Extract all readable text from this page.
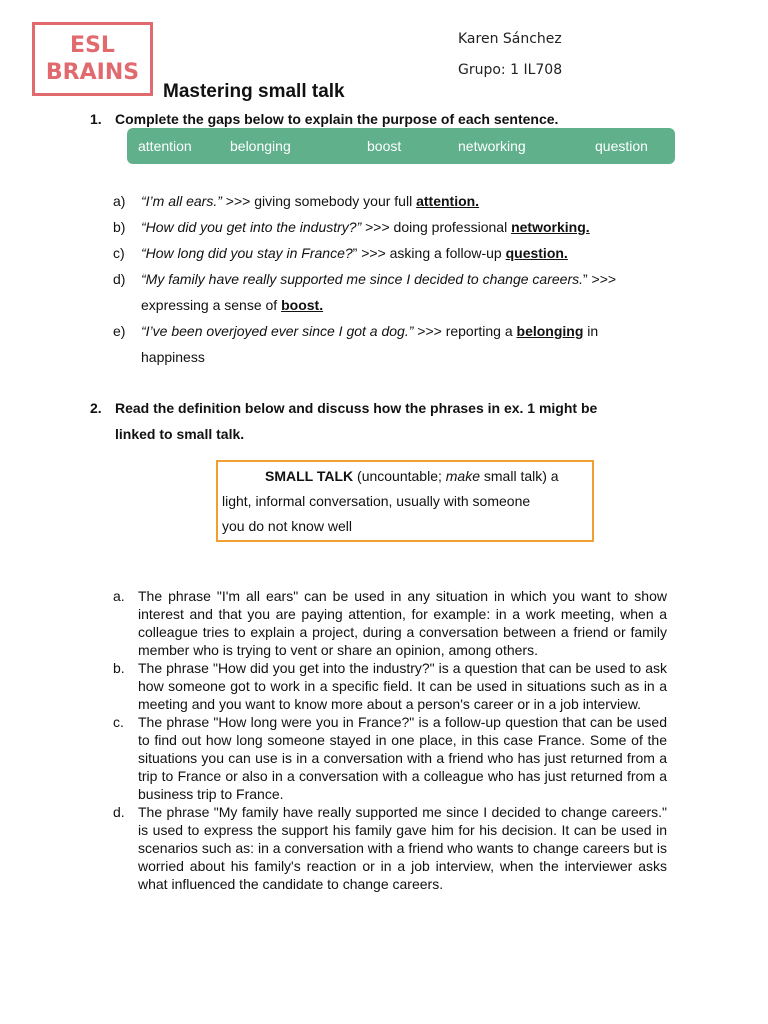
ESL
BRAINS
Karen Sánchez
Grupo: 1 IL708
Mastering small talk
1. Complete the gaps below to explain the purpose of each sentence.
attention	belonging	boost	networking	question
a) “I’m all ears.” >>> giving somebody your full attention.
b) “How did you get into the industry?” >>> doing professional networking.
c) “How long did you stay in France?” >>> asking a follow-up question.
d) “My family have really supported me since I decided to change careers.” >>>
expressing a sense of boost.
e) “I’ve been overjoyed ever since I got a dog.” >>> reporting a belonging in
happiness
2. Read the definition below and discuss how the phrases in ex. 1 might be
linked to small talk.
SMALL TALK (uncountable; make small talk) a
light, informal conversation, usually with someone
you do not know well
a. The phrase "I'm all ears" can be used in any situation in which you want to show interest and that you are paying attention, for example: in a work meeting, when a colleague tries to explain a project, during a conversation between a friend or family member who is trying to vent or share an opinion, among others.
b. The phrase "How did you get into the industry?" is a question that can be used to ask how someone got to work in a specific field. It can be used in situations such as in a meeting and you want to know more about a person's career or in a job interview.
c. The phrase "How long were you in France?" is a follow-up question that can be used to find out how long someone stayed in one place, in this case France. Some of the situations you can use is in a conversation with a friend who has just returned from a trip to France or also in a conversation with a colleague who has just returned from a business trip to France.
d. The phrase "My family have really supported me since I decided to change careers." is used to express the support his family gave him for his decision. It can be used in scenarios such as: in a conversation with a friend who wants to change careers but is worried about his family's reaction or in a job interview, when the interviewer asks what influenced the candidate to change careers.
